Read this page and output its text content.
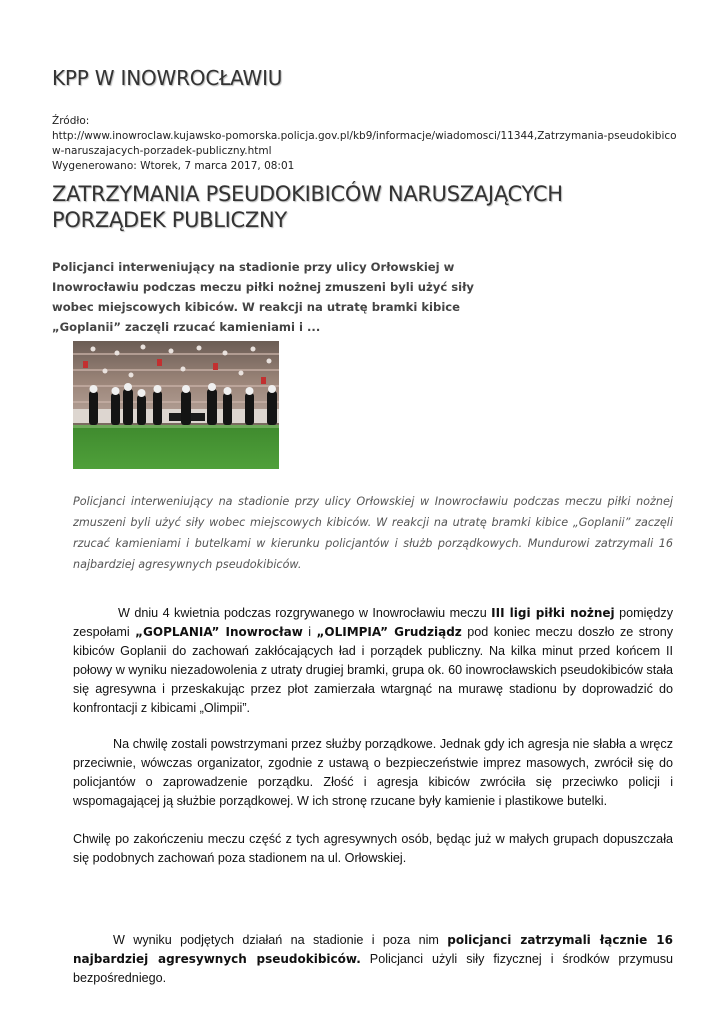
KPP W INOWROCŁAWIU
Źródło:
http://www.inowroclaw.kujawsko-pomorska.policja.gov.pl/kb9/informacje/wiadomosci/11344,Zatrzymania-pseudokibicow-naruszajacych-porzadek-publiczny.html
Wygenerowano: Wtorek, 7 marca 2017, 08:01
ZATRZYMANIA PSEUDOKIBICÓW NARUSZAJĄCYCH PORZĄDEK PUBLICZNY
Policjanci interweniujący na stadionie przy ulicy Orłowskiej w Inowrocławiu podczas meczu piłki nożnej zmuszeni byli użyć siły wobec miejscowych kibiców. W reakcji na utratę bramki kibice „Goplanii” zaczęli rzucać kamieniami i ...
Policjanci interweniujący na stadionie przy ulicy Orłowskiej w Inowrocławiu podczas meczu piłki nożnej zmuszeni byli użyć siły wobec miejscowych kibiców. W reakcji na utratę bramki kibice „Goplanii” zaczęli rzucać kamieniami i butelkami w kierunku policjantów i służb porządkowych. Mundurowi zatrzymali 16 najbardziej agresywnych pseudokibiców.
W dniu 4 kwietnia podczas rozgrywanego w Inowrocławiu meczu III ligi piłki nożnej pomiędzy zespołami „GOPLANIA” Inowrocław i „OLIMPIA” Grudziądz pod koniec meczu doszło ze strony kibiców Goplanii do zachowań zakłócających ład i porządek publiczny. Na kilka minut przed końcem II połowy w wyniku niezadowolenia z utraty drugiej bramki, grupa ok. 60 inowrocławskich pseudokibiców stała się agresywna i przeskakując przez płot zamierzała wtargnąć na murawę stadionu by doprowadzić do konfrontacji z kibicami „Olimpii”.
Na chwilę zostali powstrzymani przez służby porządkowe. Jednak gdy ich agresja nie słabła a wręcz przeciwnie, wówczas organizator, zgodnie z ustawą o bezpieczeństwie imprez masowych, zwrócił się do policjantów o zaprowadzenie porządku. Złość i agresja kibiców zwróciła się przeciwko policji i wspomagającej ją służbie porządkowej. W ich stronę rzucane były kamienie i plastikowe butelki.
Chwilę po zakończeniu meczu część z tych agresywnych osób, będąc już w małych grupach dopuszczała się podobnych zachowań poza stadionem na ul. Orłowskiej.
W wyniku podjętych działań na stadionie i poza nim policjanci zatrzymali łącznie 16 najbardziej agresywnych pseudokibiców. Policjanci użyli siły fizycznej i środków przymusu bezpośredniego.
